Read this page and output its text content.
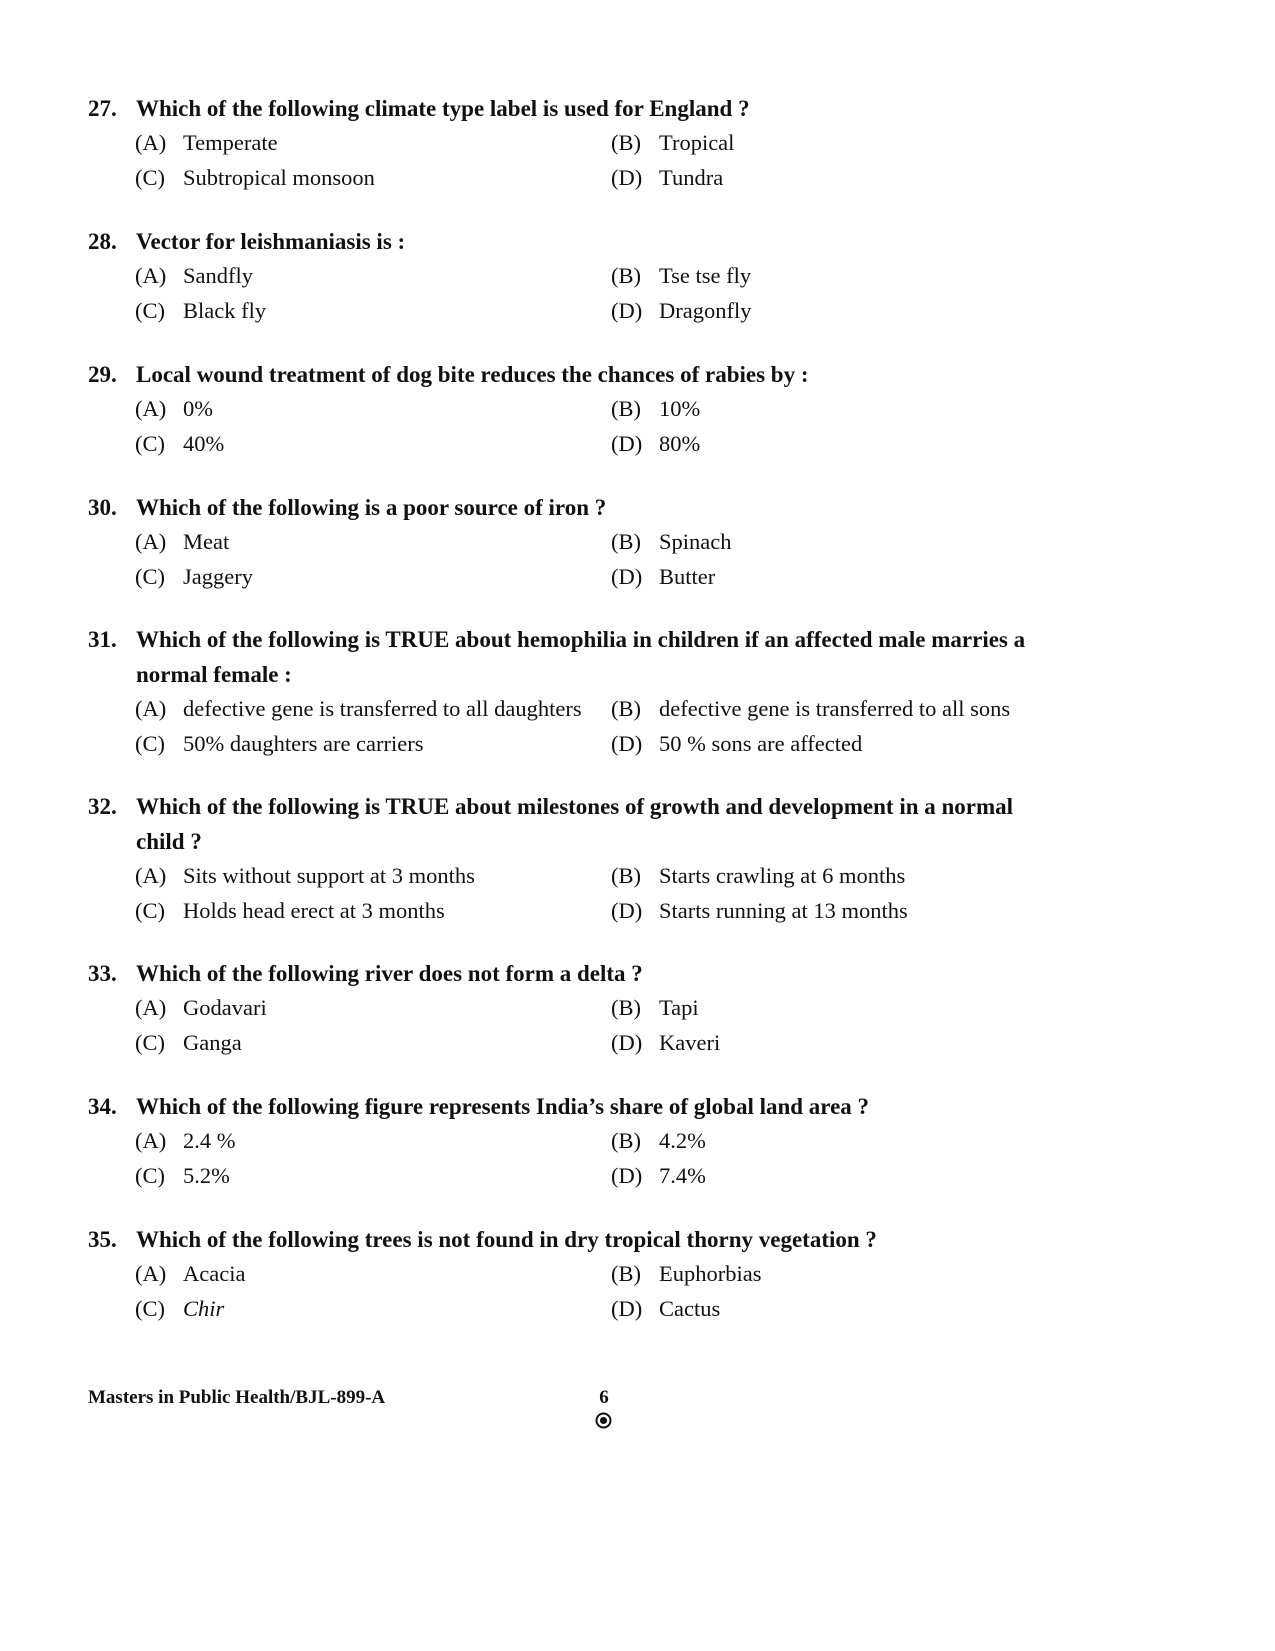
27. Which of the following climate type label is used for England ?
(A) Temperate	(B) Tropical
(C) Subtropical monsoon	(D) Tundra
28. Vector for leishmaniasis is :
(A) Sandfly	(B) Tse tse fly
(C) Black fly	(D) Dragonfly
29. Local wound treatment of dog bite reduces the chances of rabies by :
(A) 0%	(B) 10%
(C) 40%	(D) 80%
30. Which of the following is a poor source of iron ?
(A) Meat	(B) Spinach
(C) Jaggery	(D) Butter
31. Which of the following is TRUE about hemophilia in children if an affected male marries a
normal female :
(A) defective gene is transferred to all daughters (B) defective gene is transferred to all sons
(C) 50% daughters are carriers	(D) 50 % sons are affected
32. Which of the following is TRUE about milestones of growth and development in a normal
child ?
(A) Sits without support at 3 months	(B) Starts crawling at 6 months
(C) Holds head erect at 3 months	(D) Starts running at 13 months
33. Which of the following river does not form a delta ?
(A) Godavari	(B) Tapi
(C) Ganga	(D) Kaveri
34. Which of the following figure represents India’s share of global land area ?
(A) 2.4 %	(B) 4.2%
(C) 5.2%	(D) 7.4%
35. Which of the following trees is not found in dry tropical thorny vegetation ?
(A) Acacia	(B) Euphorbias
(C) Chir	(D) Cactus
Masters in Public Health/BJL-899-A	6
